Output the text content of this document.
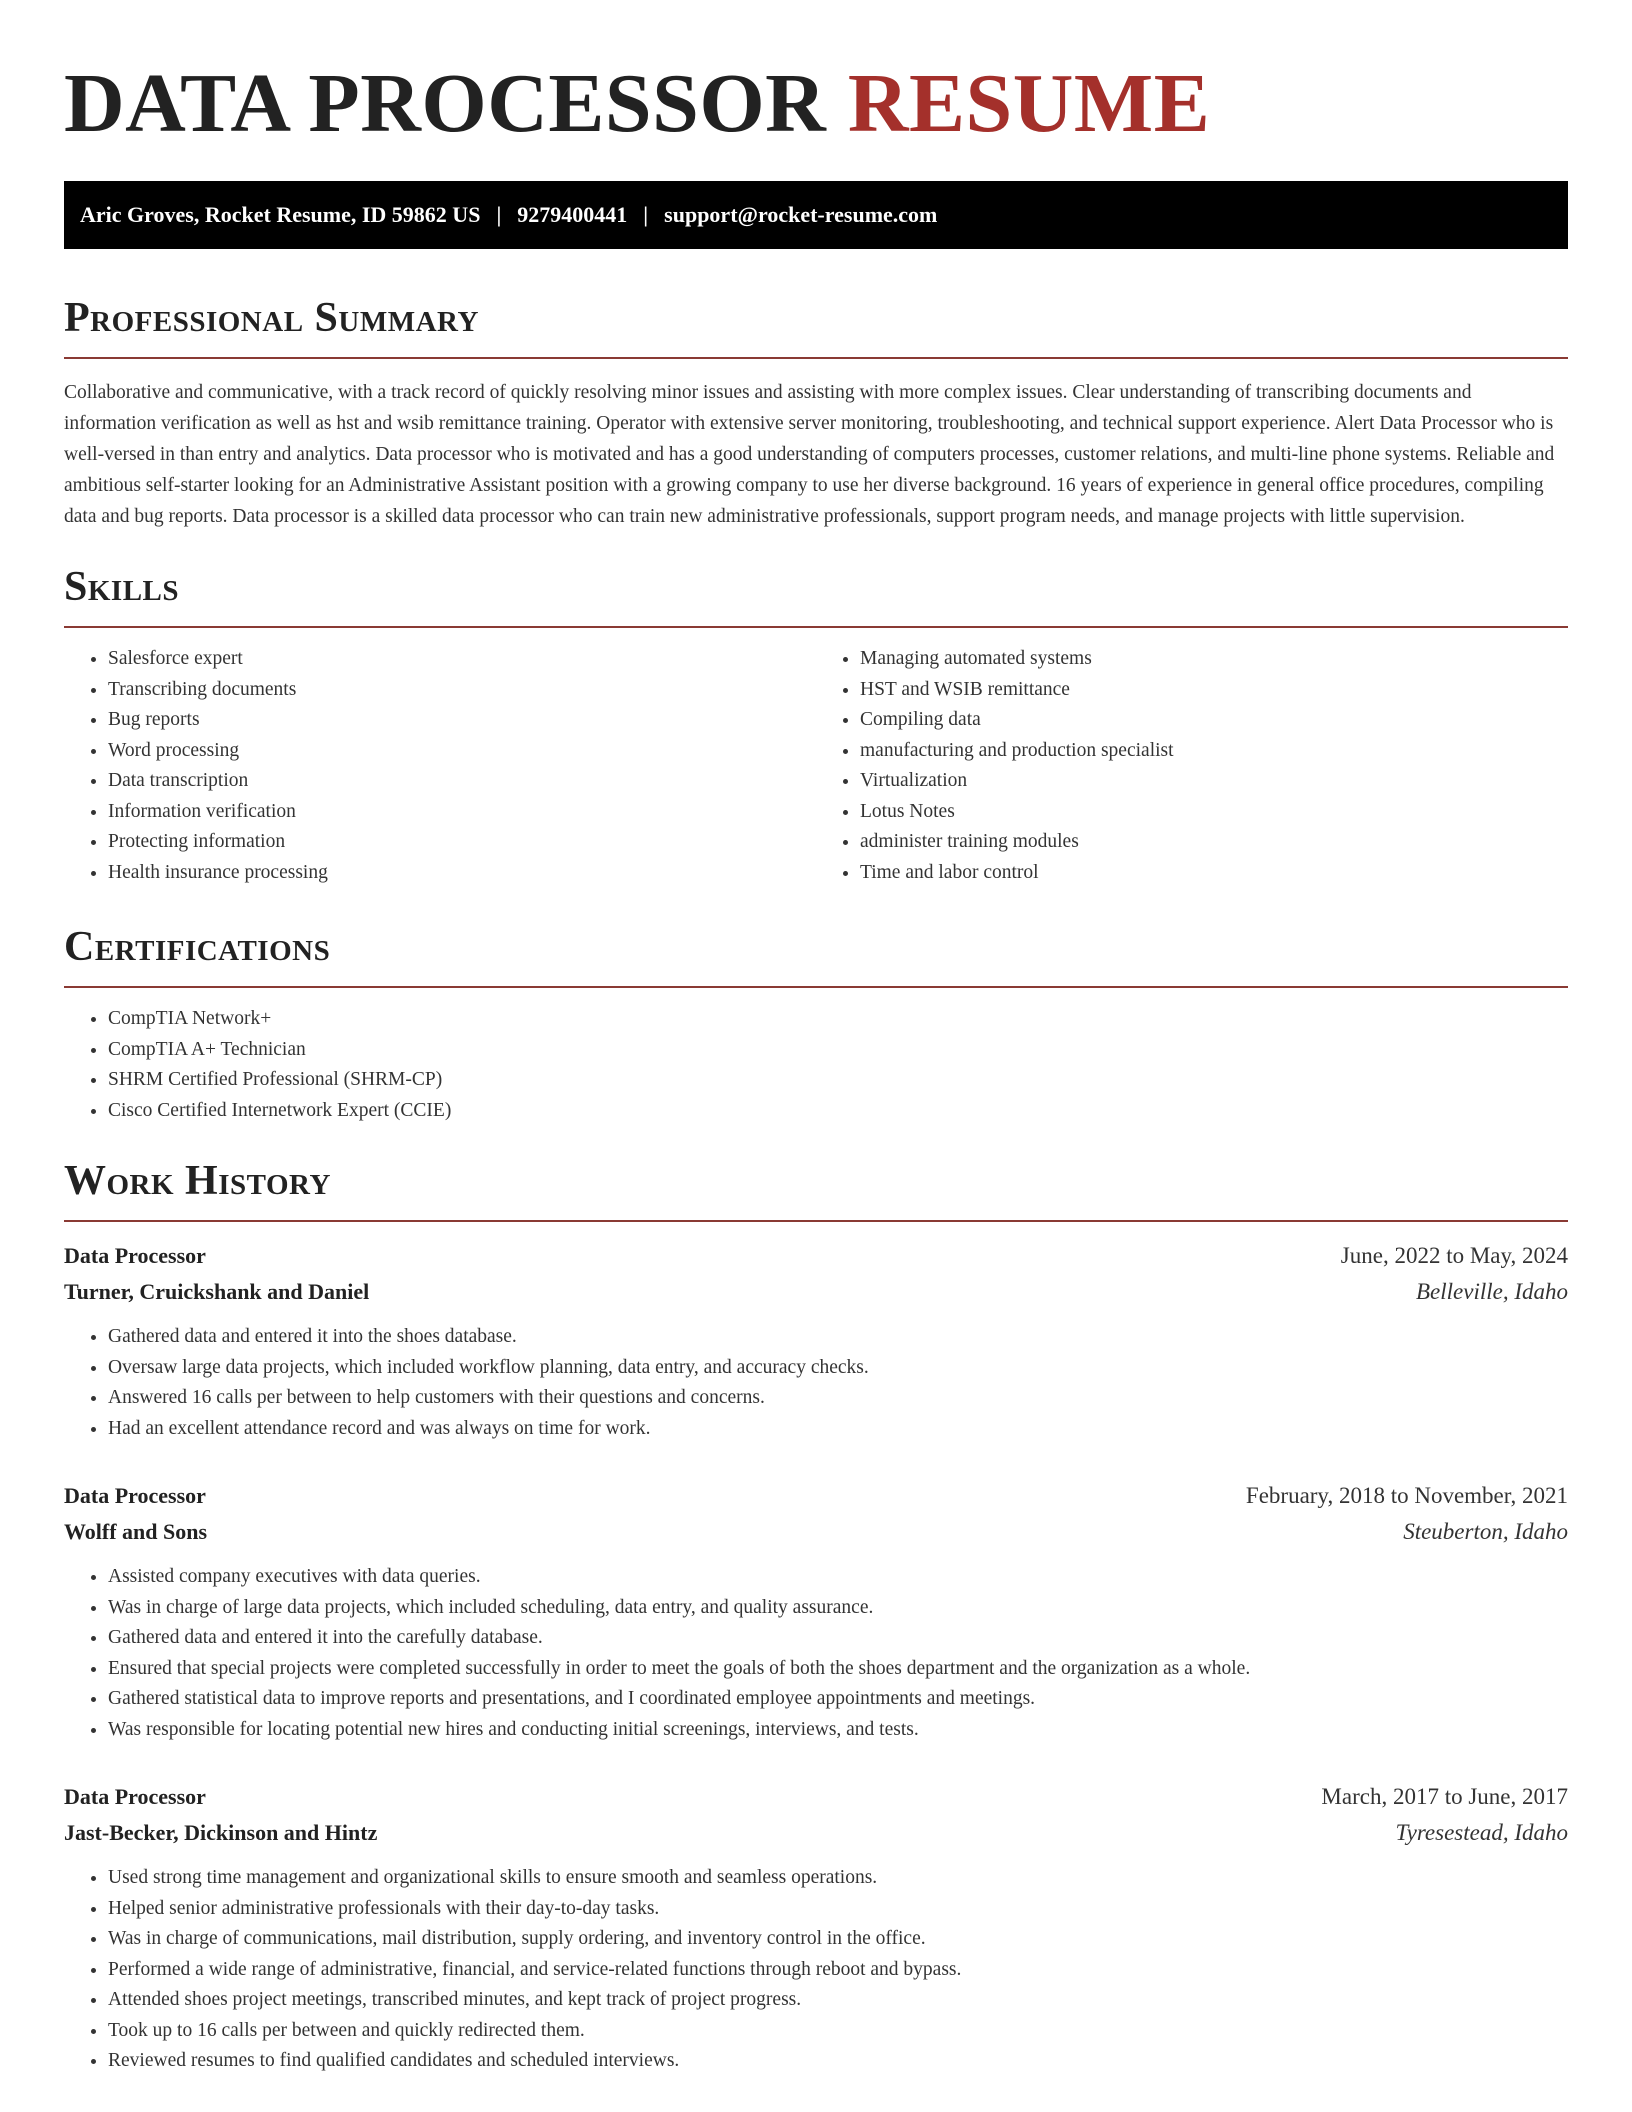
DATA PROCESSOR RESUME
Aric Groves, Rocket Resume, ID 59862 US | 9279400441 | support@rocket-resume.com
Professional Summary

Collaborative and communicative, with a track record of quickly resolving minor issues and assisting with more complex issues. Clear understanding of transcribing documents and information verification as well as hst and wsib remittance training. Operator with extensive server monitoring, troubleshooting, and technical support experience. Alert Data Processor who is well-versed in than entry and analytics. Data processor who is motivated and has a good understanding of computers processes, customer relations, and multi-line phone systems. Reliable and ambitious self-starter looking for an Administrative Assistant position with a growing company to use her diverse background. 16 years of experience in general office procedures, compiling data and bug reports. Data processor is a skilled data processor who can train new administrative professionals, support program needs, and manage projects with little supervision.

Skills
• Salesforce expert
• Transcribing documents
• Bug reports
• Word processing
• Data transcription
• Information verification
• Protecting information
• Health insurance processing
• Managing automated systems
• HST and WSIB remittance
• Compiling data
• manufacturing and production specialist
• Virtualization
• Lotus Notes
• administer training modules
• Time and labor control
Certifications
• CompTIA Network+
• CompTIA A+ Technician
• SHRM Certified Professional (SHRM-CP)
• Cisco Certified Internetwork Expert (CCIE)
Work History
Data Processor	June, 2022 to May, 2024
Turner, Cruickshank and Daniel	Belleville, Idaho
• Gathered data and entered it into the shoes database.
• Oversaw large data projects, which included workflow planning, data entry, and accuracy checks.
• Answered 16 calls per between to help customers with their questions and concerns.
• Had an excellent attendance record and was always on time for work.
Data Processor	February, 2018 to November, 2021
Wolff and Sons	Steuberton, Idaho
• Assisted company executives with data queries.
• Was in charge of large data projects, which included scheduling, data entry, and quality assurance.
• Gathered data and entered it into the carefully database.
• Ensured that special projects were completed successfully in order to meet the goals of both the shoes department and the organization as a whole.
• Gathered statistical data to improve reports and presentations, and I coordinated employee appointments and meetings.
• Was responsible for locating potential new hires and conducting initial screenings, interviews, and tests.
Data Processor	March, 2017 to June, 2017
Jast-Becker, Dickinson and Hintz	Tyresestead, Idaho
• Used strong time management and organizational skills to ensure smooth and seamless operations.
• Helped senior administrative professionals with their day-to-day tasks.
• Was in charge of communications, mail distribution, supply ordering, and inventory control in the office.
• Performed a wide range of administrative, financial, and service-related functions through reboot and bypass.
• Attended shoes project meetings, transcribed minutes, and kept track of project progress.
• Took up to 16 calls per between and quickly redirected them.
• Reviewed resumes to find qualified candidates and scheduled interviews.
